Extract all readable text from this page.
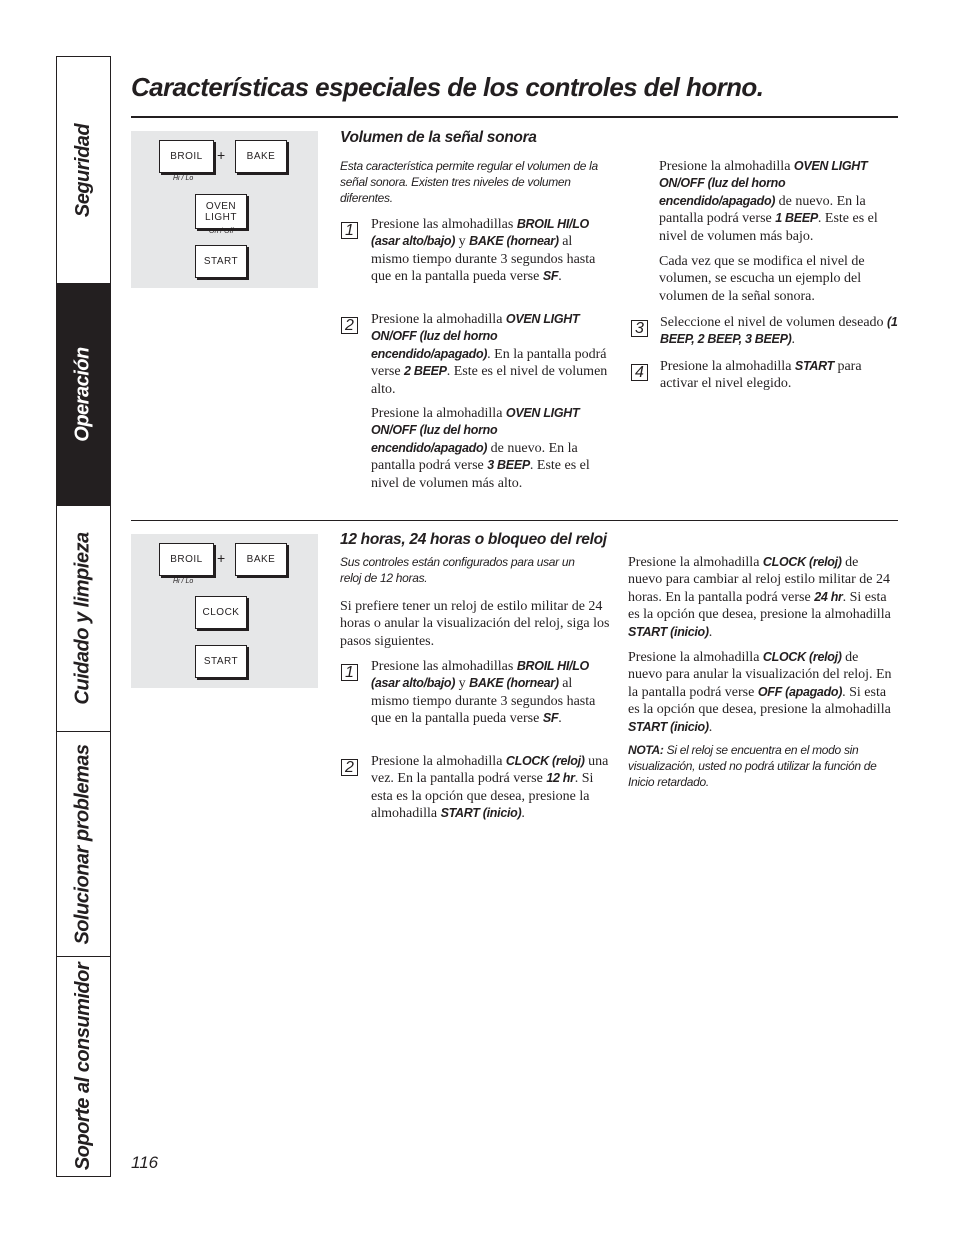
Seguridad
Operación
Cuidado y limpieza
Solucionar problemas
Soporte al consumidor
Características especiales de los controles del horno.
BROIL + BAKE
Hi / Lo
OVEN
LIGHT
On / Off
START
Volumen de la señal sonora
Esta característica permite regular el volumen de la señal sonora. Existen tres niveles de volumen diferentes.
1 Presione las almohadillas BROIL HI/LO (asar alto/bajo) y BAKE (hornear) al mismo tiempo durante 3 segundos hasta que en la pantalla pueda verse SF.
2 Presione la almohadilla OVEN LIGHT ON/OFF (luz del horno encendido/apagado). En la pantalla podrá verse 2 BEEP. Este es el nivel de volumen alto.
Presione la almohadilla OVEN LIGHT ON/OFF (luz del horno encendido/apagado) de nuevo. En la pantalla podrá verse 3 BEEP. Este es el nivel de volumen más alto.
Presione la almohadilla OVEN LIGHT ON/OFF (luz del horno encendido/apagado) de nuevo. En la pantalla podrá verse 1 BEEP. Este es el nivel de volumen más bajo.
Cada vez que se modifica el nivel de volumen, se escucha un ejemplo del volumen de la señal sonora.
3 Seleccione el nivel de volumen deseado (1 BEEP, 2 BEEP, 3 BEEP).
4 Presione la almohadilla START para activar el nivel elegido.
BROIL + BAKE
Hi / Lo
CLOCK
START
12 horas, 24 horas o bloqueo del reloj
Sus controles están configurados para usar un reloj de 12 horas.
Si prefiere tener un reloj de estilo militar de 24 horas o anular la visualización del reloj, siga los pasos siguientes.
1 Presione las almohadillas BROIL HI/LO (asar alto/bajo) y BAKE (hornear) al mismo tiempo durante 3 segundos hasta que en la pantalla pueda verse SF.
2 Presione la almohadilla CLOCK (reloj) una vez. En la pantalla podrá verse 12 hr. Si esta es la opción que desea, presione la almohadilla START (inicio).
Presione la almohadilla CLOCK (reloj) de nuevo para cambiar al reloj estilo militar de 24 horas. En la pantalla podrá verse 24 hr. Si esta es la opción que desea, presione la almohadilla START (inicio).
Presione la almohadilla CLOCK (reloj) de nuevo para anular la visualización del reloj. En la pantalla podrá verse OFF (apagado). Si esta es la opción que desea, presione la almohadilla START (inicio).
NOTA: Si el reloj se encuentra en el modo sin visualización, usted no podrá utilizar la función de Inicio retardado.
116
